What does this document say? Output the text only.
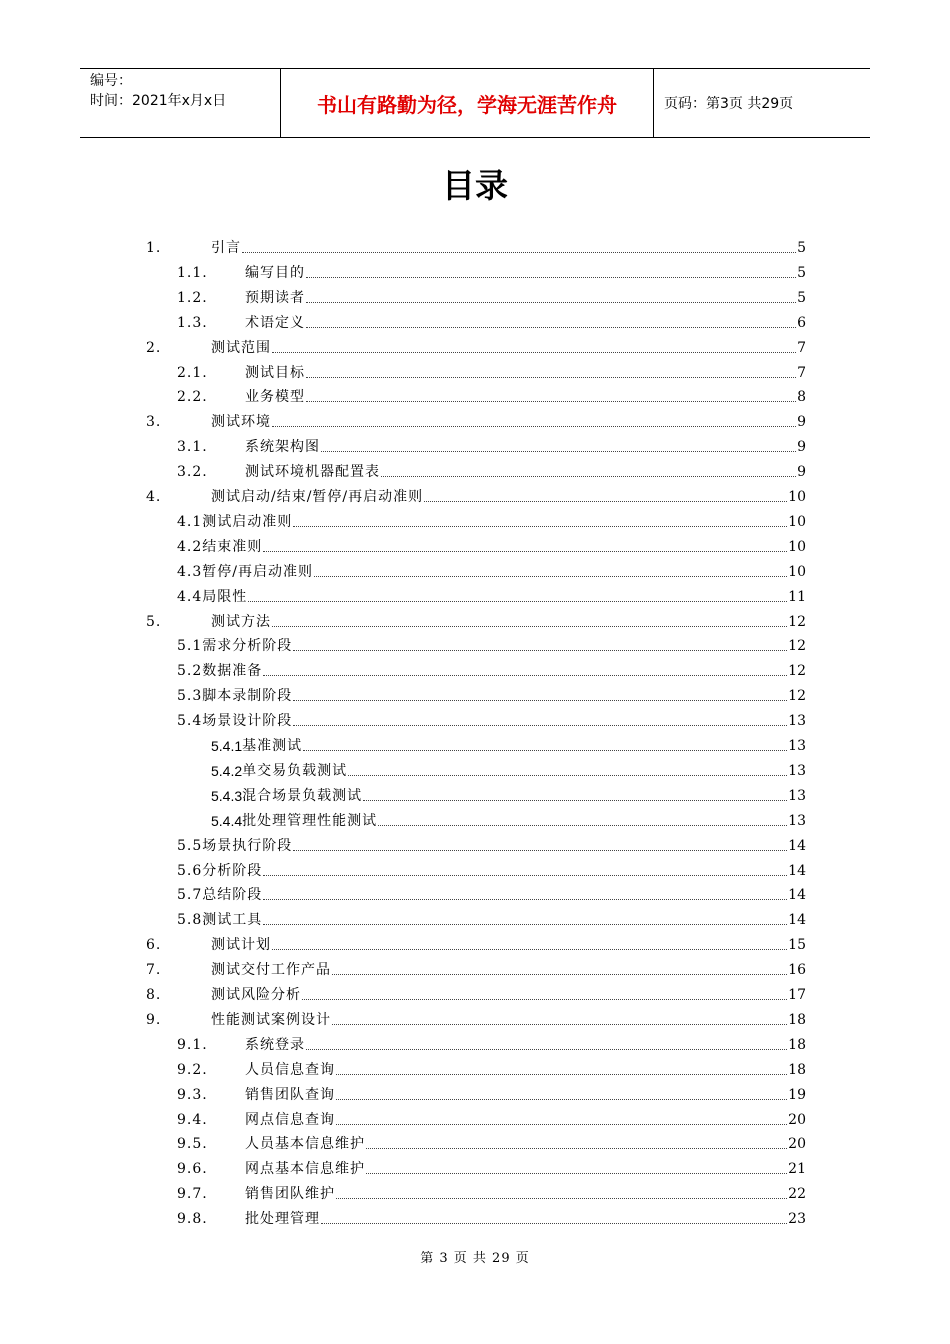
编号：
时间：2021年x月x日	书山有路勤为径，学海无涯苦作舟	页码：第3页 共29页
目录
1.	引言	5
1.1.	编写目的	5
1.2.	预期读者	5
1.3.	术语定义	6
2.	测试范围	7
2.1.	测试目标	7
2.2.	业务模型	8
3.	测试环境	9
3.1.	系统架构图	9
3.2.	测试环境机器配置表	9
4.	测试启动/结束/暂停/再启动准则	10
4.1 测试启动准则	10
4.2 结束准则	10
4.3 暂停/再启动准则	10
4.4 局限性	11
5.	测试方法	12
5.1 需求分析阶段	12
5.2 数据准备	12
5.3 脚本录制阶段	12
5.4 场景设计阶段	13
5.4.1 基准测试	13
5.4.2 单交易负载测试	13
5.4.3 混合场景负载测试	13
5.4.4 批处理管理性能测试	13
5.5 场景执行阶段	14
5.6 分析阶段	14
5.7 总结阶段	14
5.8 测试工具	14
6.	测试计划	15
7.	测试交付工作产品	16
8.	测试风险分析	17
9.	性能测试案例设计	18
9.1.	系统登录	18
9.2.	人员信息查询	18
9.3.	销售团队查询	19
9.4.	网点信息查询	20
9.5.	人员基本信息维护	20
9.6.	网点基本信息维护	21
9.7.	销售团队维护	22
9.8.	批处理管理	23
第 3 页 共 29 页
